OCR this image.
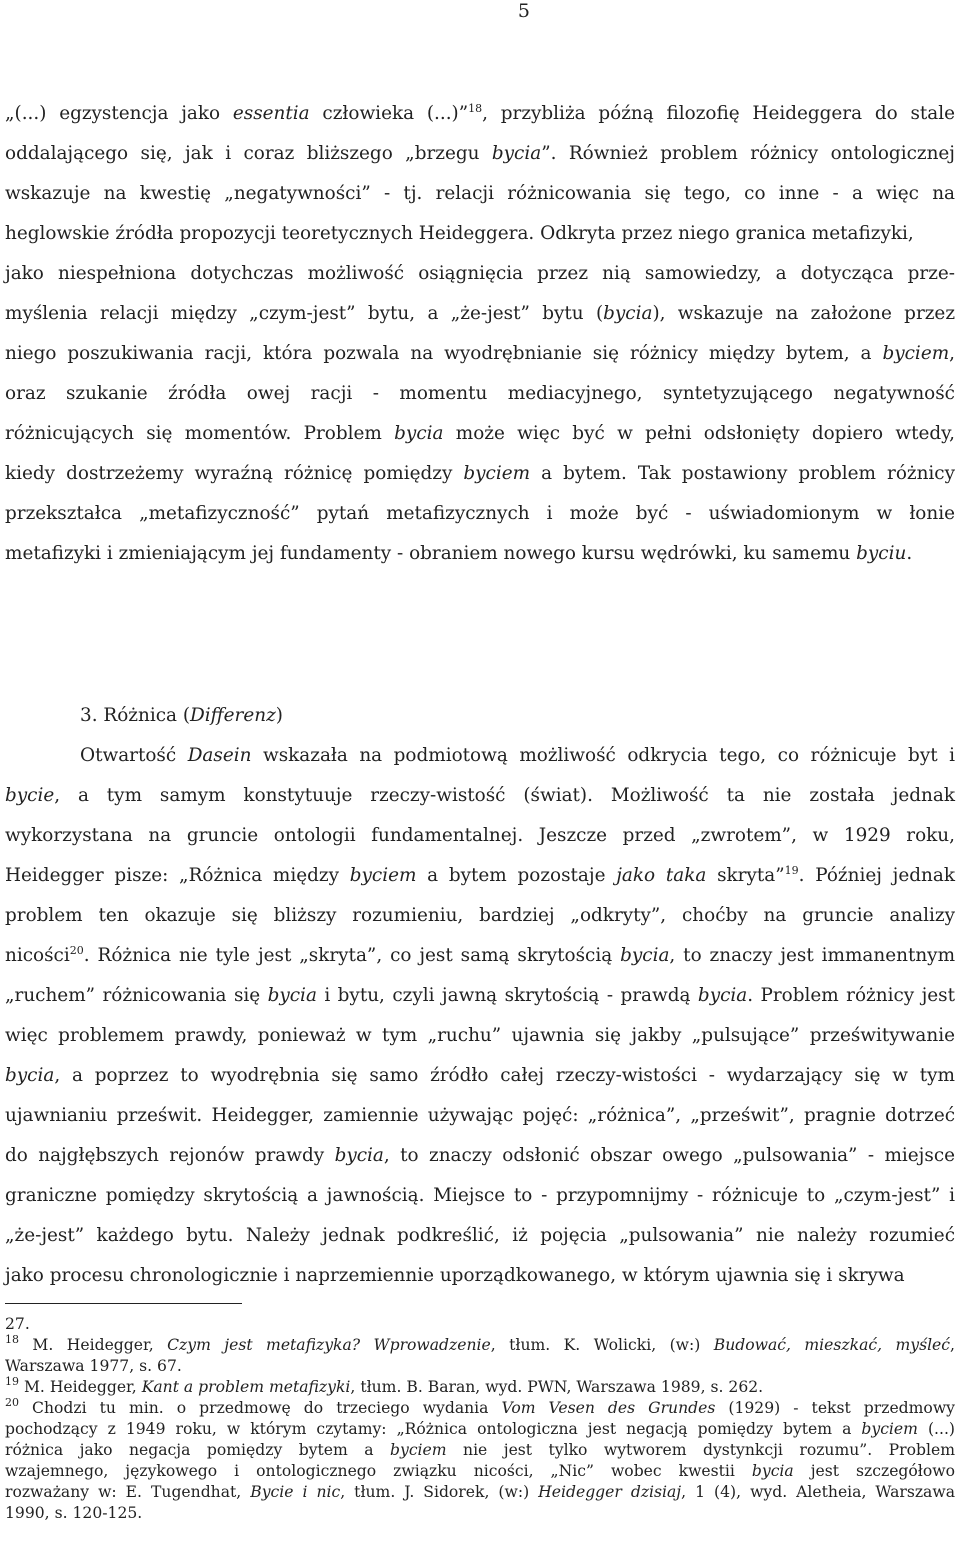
5
„(...) egzystencja jako essentia człowieka (...)”$^{18}$, przybliża późną filozofię Heideggera do stale
oddalającego się, jak i coraz bliższego „brzegu bycia”. Również problem różnicy ontologicznej
wskazuje na kwestię „negatywności” - tj. relacji różnicowania się tego, co inne - a więc na
heglowskie źródła propozycji teoretycznych Heideggera. Odkryta przez niego granica metafizyki,
jako niespełniona dotychczas możliwość osiągnięcia przez nią samowiedzy, a dotycząca prze-
myślenia relacji między „czym-jest” bytu, a „że-jest” bytu (bycia), wskazuje na założone przez
niego poszukiwania racji, która pozwala na wyodrębnianie się różnicy między bytem, a byciem,
oraz szukanie źródła owej racji - momentu mediacyjnego, syntetyzującego negatywność
różnicujących się momentów. Problem bycia może więc być w pełni odsłonięty dopiero wtedy,
kiedy dostrzeżemy wyraźną różnicę pomiędzy byciem a bytem. Tak postawiony problem różnicy
przekształca „metafizyczność” pytań metafizycznych i może być - uświadomionym w łonie
metafizyki i zmieniającym jej fundamenty - obraniem nowego kursu wędrówki, ku samemu byciu.
3. Różnica (Differenz)
Otwartość Dasein wskazała na podmiotową możliwość odkrycia tego, co różnicuje byt i
bycie, a tym samym konstytuuje rzeczy-wistość (świat). Możliwość ta nie została jednak
wykorzystana na gruncie ontologii fundamentalnej. Jeszcze przed „zwrotem”, w 1929 roku,
Heidegger pisze: „Różnica między byciem a bytem pozostaje jako taka skryta”$^{19}$. Później jednak
problem ten okazuje się bliższy rozumieniu, bardziej „odkryty”, choćby na gruncie analizy
nicości$^{20}$. Różnica nie tyle jest „skryta”, co jest samą skrytością bycia, to znaczy jest immanentnym
„ruchem” różnicowania się bycia i bytu, czyli jawną skrytością - prawdą bycia. Problem różnicy jest
więc problemem prawdy, ponieważ w tym „ruchu” ujawnia się jakby „pulsujące” prześwitywanie
bycia, a poprzez to wyodrębnia się samo źródło całej rzeczy-wistości - wydarzający się w tym
ujawnianiu prześwit. Heidegger, zamiennie używając pojęć: „różnica”, „prześwit”, pragnie dotrzeć
do najgłębszych rejonów prawdy bycia, to znaczy odsłonić obszar owego „pulsowania” - miejsce
graniczne pomiędzy skrytością a jawnością. Miejsce to - przypomnijmy - różnicuje to „czym-jest” i
„że-jest” każdego bytu. Należy jednak podkreślić, iż pojęcia „pulsowania” nie należy rozumieć
jako procesu chronologicznie i naprzemiennie uporządkowanego, w którym ujawnia się i skrywa
27.
$^{18}$ M. Heidegger, Czym jest metafizyka? Wprowadzenie, tłum. K. Wolicki, (w:) Budować, mieszkać, myśleć,
Warszawa 1977, s. 67.
$^{19}$ M. Heidegger, Kant a problem metafizyki, tłum. B. Baran, wyd. PWN, Warszawa 1989, s. 262.
$^{20}$ Chodzi tu min. o przedmowę do trzeciego wydania Vom Vesen des Grundes (1929) - tekst przedmowy
pochodzący z 1949 roku, w którym czytamy: „Różnica ontologiczna jest negacją pomiędzy bytem a byciem (...)
różnica jako negacja pomiędzy bytem a byciem nie jest tylko wytworem dystynkcji rozumu”. Problem
wzajemnego, językowego i ontologicznego związku nicości, „Nic” wobec kwestii bycia jest szczegółowo
rozważany w: E. Tugendhat, Bycie i nic, tłum. J. Sidorek, (w:) Heidegger dzisiaj, 1 (4), wyd. Aletheia, Warszawa
1990, s. 120-125.
